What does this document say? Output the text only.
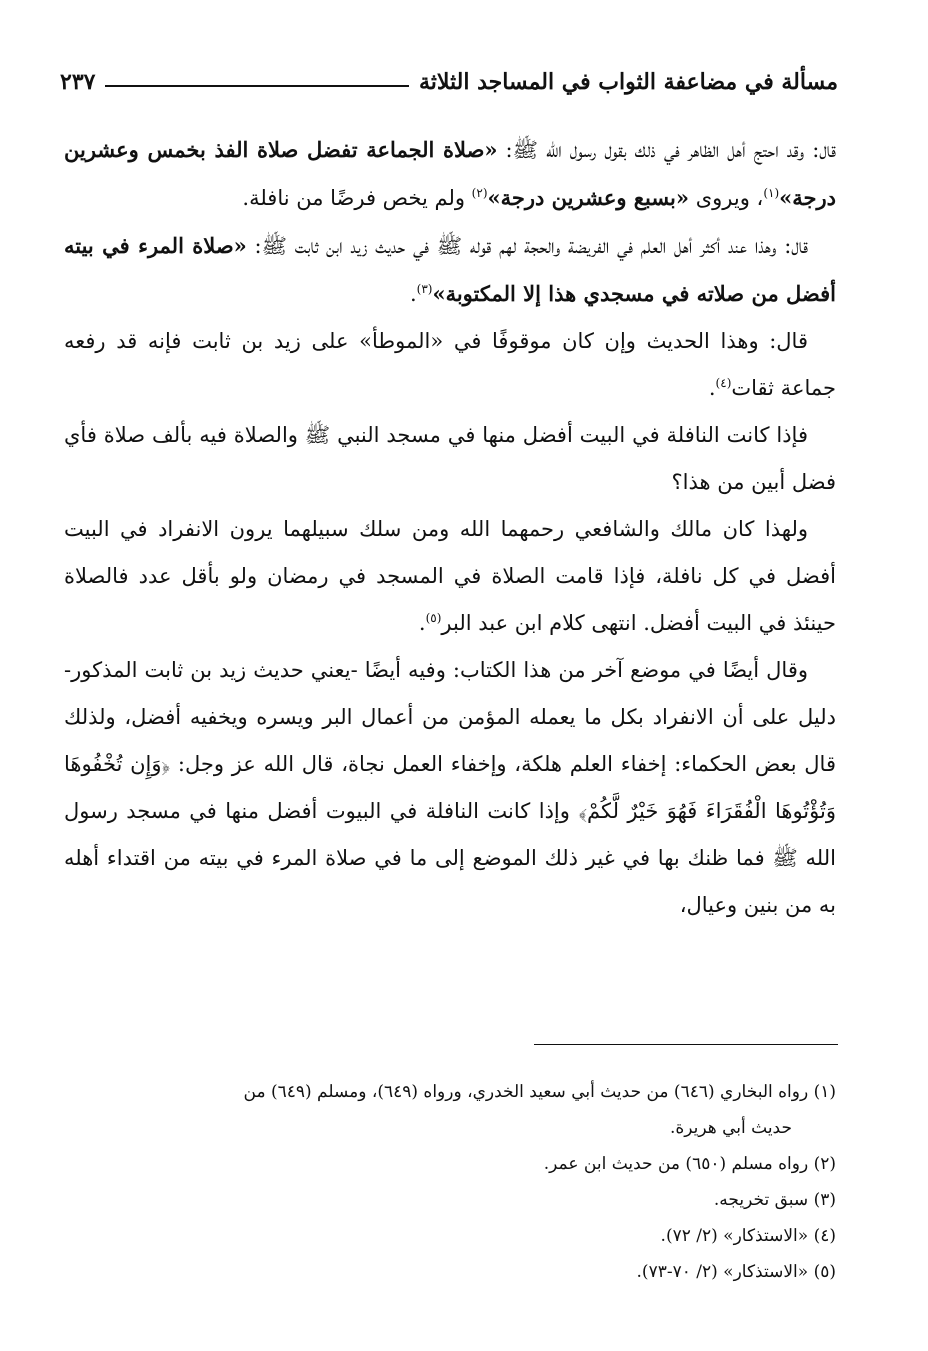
مسألة في مضاعفة الثواب في المساجد الثلاثة
٢٣٧

قال: وقد احتج أهل الظاهر في ذلك بقول رسول الله ﷺ: «صلاة الجماعة تفضل صلاة الفذ بخمس وعشرين درجة»$^{(١)}$، ويروى «بسبع وعشرين درجة»$^{(٢)}$ ولم يخص فرضًا من نافلة.

قال: وهذا عند أكثر أهل العلم في الفريضة والحجة لهم قوله ﷺ في حديث زيد ابن ثابت ﷺ: «صلاة المرء في بيته أفضل من صلاته في مسجدي هذا إلا المكتوبة»$^{(٣)}$.

قال: وهذا الحديث وإن كان موقوفًا في «الموطأ» على زيد بن ثابت فإنه قد رفعه جماعة ثقات$^{(٤)}$.

فإذا كانت النافلة في البيت أفضل منها في مسجد النبي ﷺ والصلاة فيه بألف صلاة فأي فضل أبين من هذا؟

ولهذا كان مالك والشافعي رحمهما الله ومن سلك سبيلهما يرون الانفراد في البيت أفضل في كل نافلة، فإذا قامت الصلاة في المسجد في رمضان ولو بأقل عدد فالصلاة حينئذ في البيت أفضل. انتهى كلام ابن عبد البر$^{(٥)}$.

وقال أيضًا في موضع آخر من هذا الكتاب: وفيه أيضًا -يعني حديث زيد بن ثابت المذكور- دليل على أن الانفراد بكل ما يعمله المؤمن من أعمال البر ويسره ويخفيه أفضل، ولذلك قال بعض الحكماء: إخفاء العلم هلكة، وإخفاء العمل نجاة، قال الله عز وجل: ﴿وَإِن تُخْفُوهَا وَتُؤْتُوهَا الْفُقَرَاءَ فَهُوَ خَيْرٌ لَّكُمْ﴾ وإذا كانت النافلة في البيوت أفضل منها في مسجد رسول الله ﷺ فما ظنك بها في غير ذلك الموضع إلى ما في صلاة المرء في بيته من اقتداء أهله به من بنين وعيال،

(١) رواه البخاري (٦٤٦) من حديث أبي سعيد الخدري، ورواه (٦٤٩)، ومسلم (٦٤٩) من

حديث أبي هريرة.

(٢) رواه مسلم (٦٥٠) من حديث ابن عمر.

(٣) سبق تخريجه.

(٤) «الاستذكار» (٢/ ٧٢).

(٥) «الاستذكار» (٢/ ٧٠-٧٣).
